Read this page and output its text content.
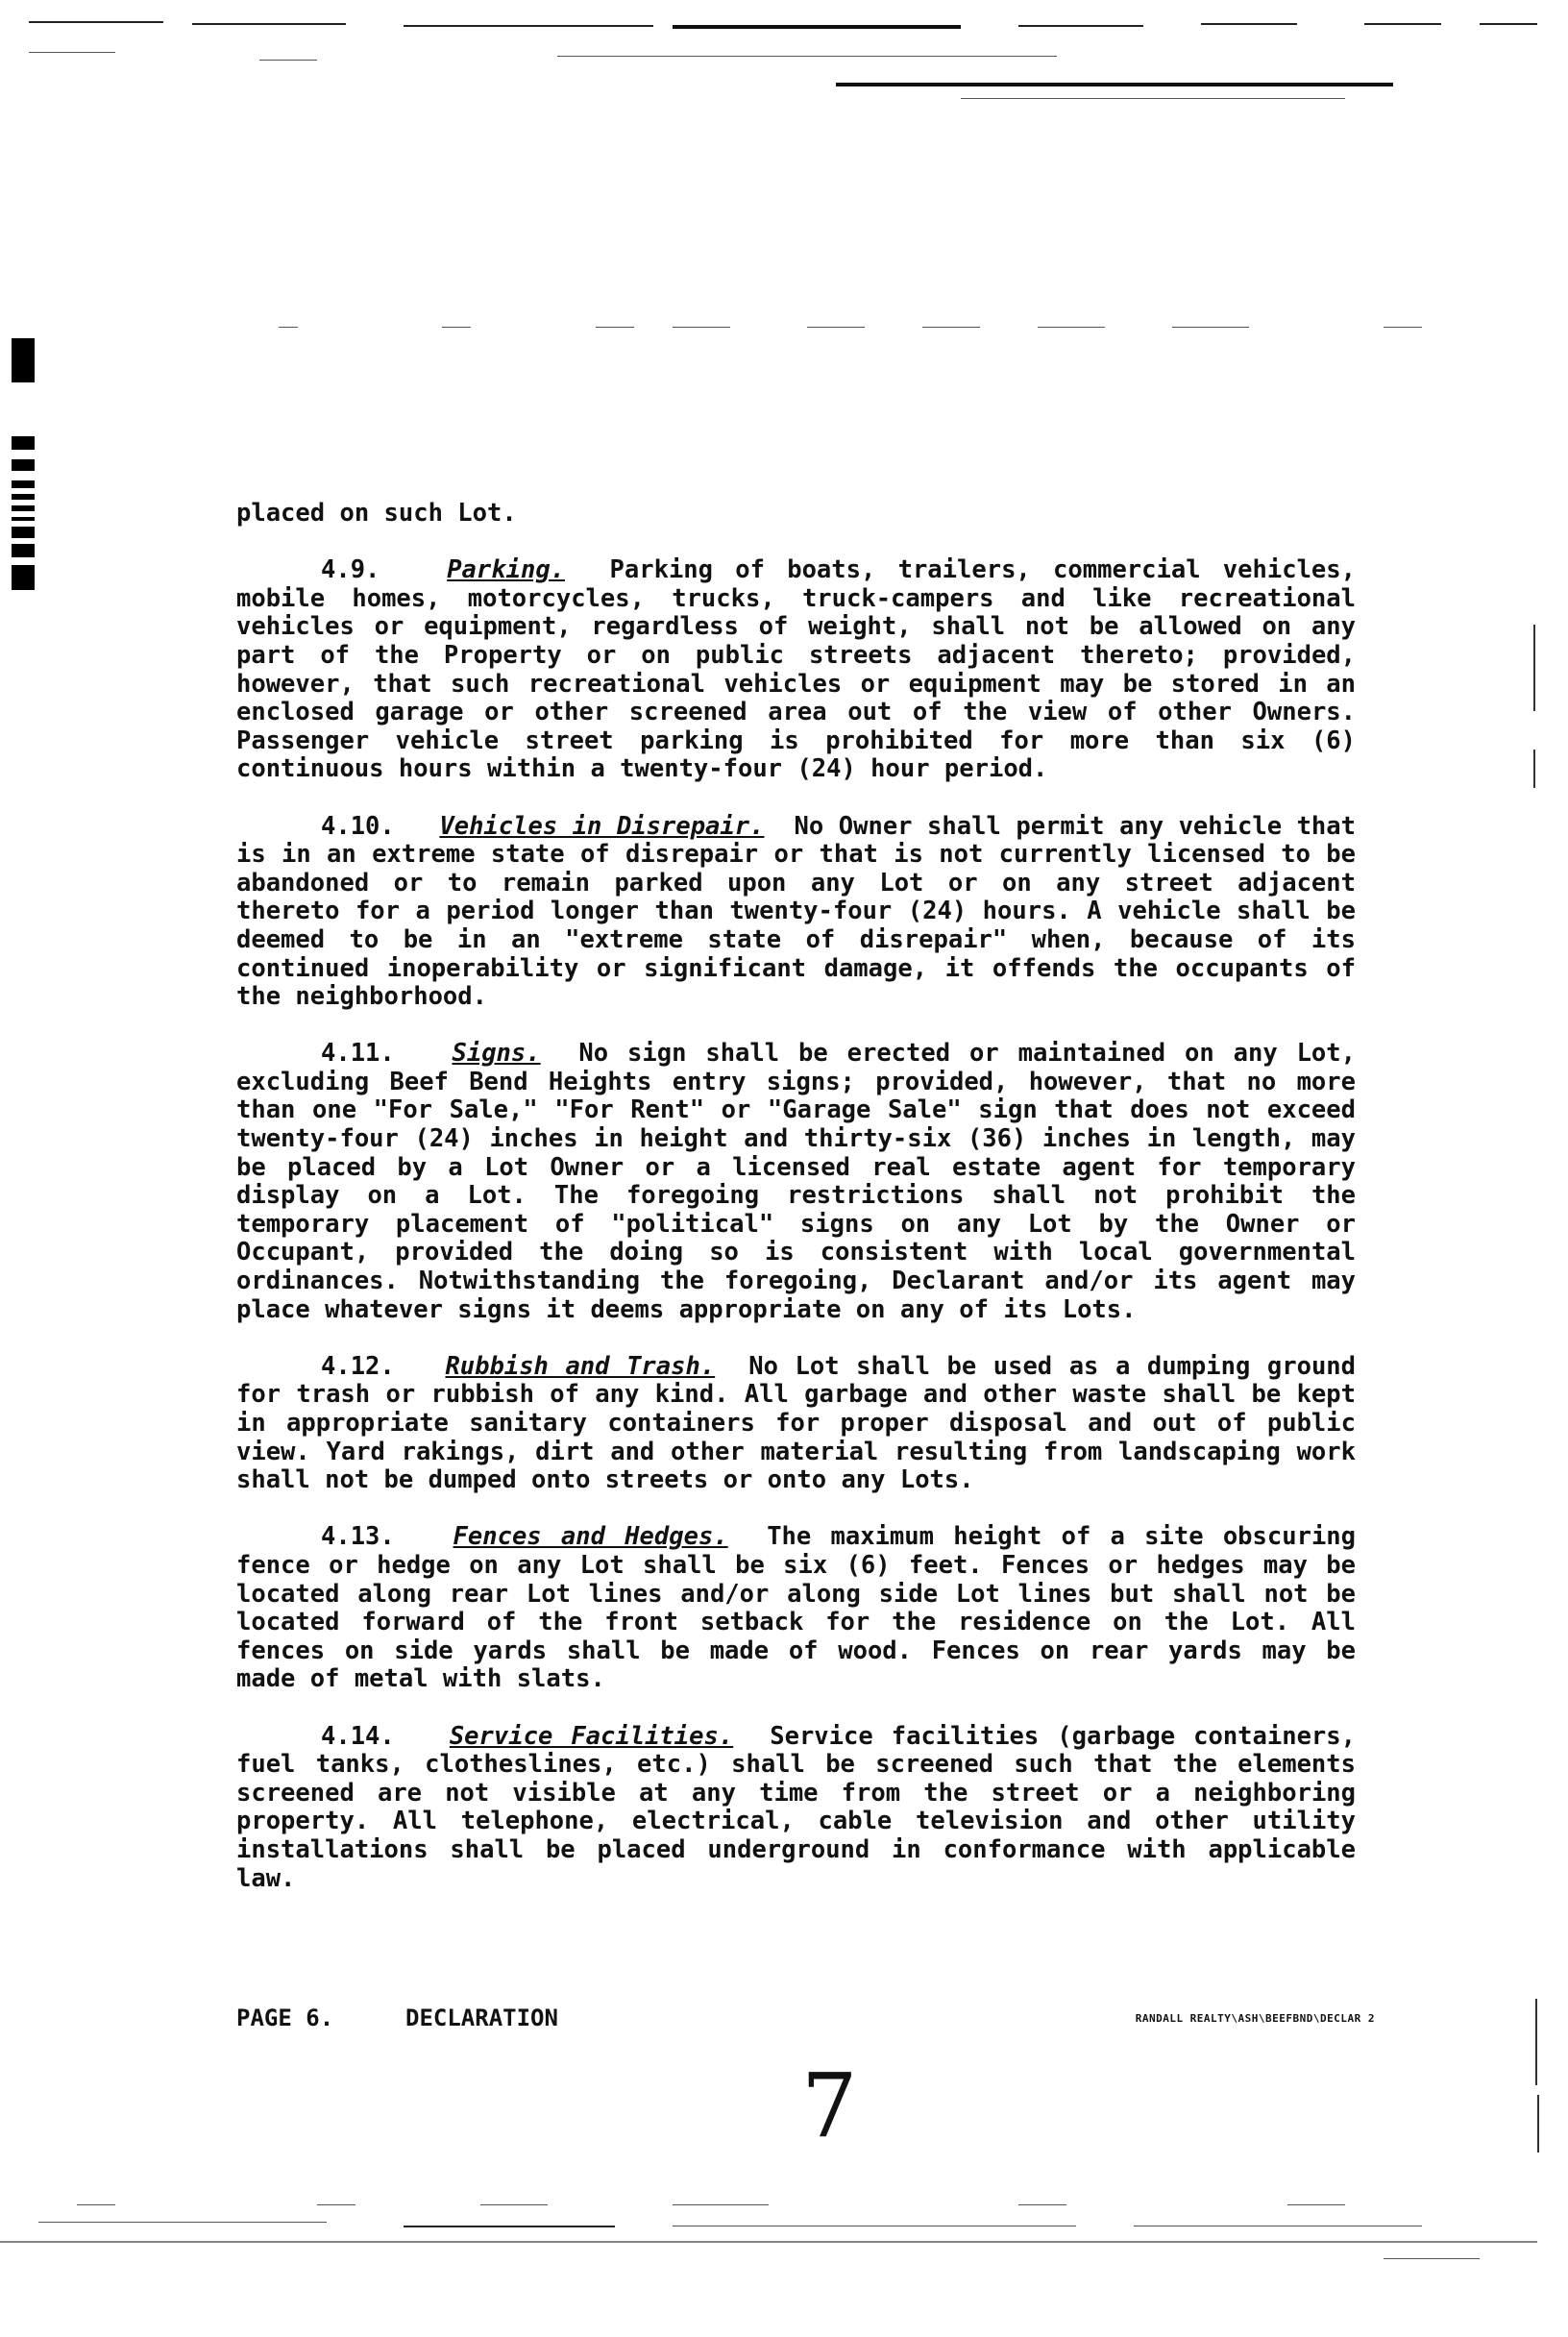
placed on such Lot.

4.9.	Parking. Parking of boats, trailers, commercial vehicles, mobile homes, motorcycles, trucks, truck-campers and like recreational vehicles or equipment, regardless of weight, shall not be allowed on any part of the Property or on public streets adjacent thereto; provided, however, that such recreational vehicles or equipment may be stored in an enclosed garage or other screened area out of the view of other Owners. Passenger vehicle street parking is prohibited for more than six (6) continuous hours within a twenty-four (24) hour period.

4.10. Vehicles in Disrepair. No Owner shall permit any vehicle that is in an extreme state of disrepair or that is not currently licensed to be abandoned or to remain parked upon any Lot or on any street adjacent thereto for a period longer than twenty-four (24) hours. A vehicle shall be deemed to be in an "extreme state of disrepair" when, because of its continued inoperability or significant damage, it offends the occupants of the neighborhood.

4.11. Signs. No sign shall be erected or maintained on any Lot, excluding Beef Bend Heights entry signs; provided, however, that no more than one "For Sale," "For Rent" or "Garage Sale" sign that does not exceed twenty-four (24) inches in height and thirty-six (36) inches in length, may be placed by a Lot Owner or a licensed real estate agent for temporary display on a Lot. The foregoing restrictions shall not prohibit the temporary placement of "political" signs on any Lot by the Owner or Occupant, provided the doing so is consistent with local governmental ordinances. Notwithstanding the foregoing, Declarant and/or its agent may place whatever signs it deems appropriate on any of its Lots.

4.12. Rubbish and Trash. No Lot shall be used as a dumping ground for trash or rubbish of any kind. All garbage and other waste shall be kept in appropriate sanitary containers for proper disposal and out of public view. Yard rakings, dirt and other material resulting from landscaping work shall not be dumped onto streets or onto any Lots.

4.13. Fences and Hedges. The maximum height of a site obscuring fence or hedge on any Lot shall be six (6) feet. Fences or hedges may be located along rear Lot lines and/or along side Lot lines but shall not be located forward of the front setback for the residence on the Lot. All fences on side yards shall be made of wood. Fences on rear yards may be made of metal with slats.

4.14. Service Facilities. Service facilities (garbage containers, fuel tanks, clotheslines, etc.) shall be screened such that the elements screened are not visible at any time from the street or a neighboring property. All telephone, electrical, cable television and other utility installations shall be placed underground in conformance with applicable law.

PAGE 6.	DECLARATION	RANDALL REALTY\ASH\BEEFBND\DECLAR 2
7
